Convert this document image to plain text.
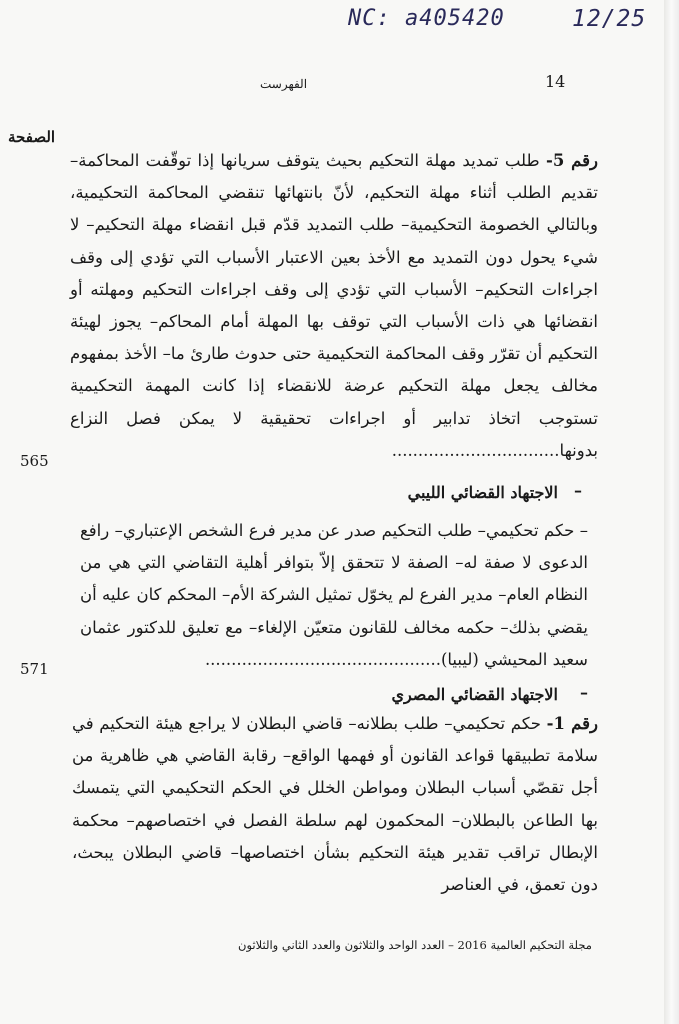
NC: a405420	12/25
14
الفهرست
الصفحة
رقم 5- طلب تمديد مهلة التحكيم بحيث يتوقف سريانها إذا توقّفت المحاكمة– تقديم الطلب أثناء مهلة التحكيم، لأنّ بانتهائها تنقضي المحاكمة التحكيمية، وبالتالي الخصومة التحكيمية– طلب التمديد قدّم قبل انقضاء مهلة التحكيم– لا شيء يحول دون التمديد مع الأخذ بعين الاعتبار الأسباب التي تؤدي إلى وقف اجراءات التحكيم– الأسباب التي تؤدي إلى وقف اجراءات التحكيم ومهلته أو انقضائها هي ذات الأسباب التي توقف بها المهلة أمام المحاكم– يجوز لهيئة التحكيم أن تقرّر وقف المحاكمة التحكيمية حتى حدوث طارئ ما– الأخذ بمفهوم مخالف يجعل مهلة التحكيم عرضة للانقضاء إذا كانت المهمة التحكيمية تستوجب اتخاذ تدابير أو اجراءات تحقيقية لا يمكن فصل النزاع بدونها................................
565
–
الاجتهاد القضائي الليبي
– حكم تحكيمي– طلب التحكيم صدر عن مدير فرع الشخص الإعتباري– رافع الدعوى لا صفة له– الصفة لا تتحقق إلاّ بتوافر أهلية التقاضي التي هي من النظام العام– مدير الفرع لم يخوّل تمثيل الشركة الأم– المحكم كان عليه أن يقضي بذلك– حكمه مخالف للقانون متعيّن الإلغاء– مع تعليق للدكتور عثمان سعيد المحيشي (ليبيا).............................................
571
–
الاجتهاد القضائي المصري
رقم 1- حكم تحكيمي– طلب بطلانه– قاضي البطلان لا يراجع هيئة التحكيم في سلامة تطبيقها قواعد القانون أو فهمها الواقع– رقابة القاضي هي ظاهرية من أجل تقصّي أسباب البطلان ومواطن الخلل في الحكم التحكيمي التي يتمسك بها الطاعن بالبطلان– المحكمون لهم سلطة الفصل في اختصاصهم– محكمة الإبطال تراقب تقدير هيئة التحكيم بشأن اختصاصها– قاضي البطلان يبحث، دون تعمق، في العناصر
مجلة التحكيم العالمية 2016 – العدد الواحد والثلاثون والعدد الثاني والثلاثون
